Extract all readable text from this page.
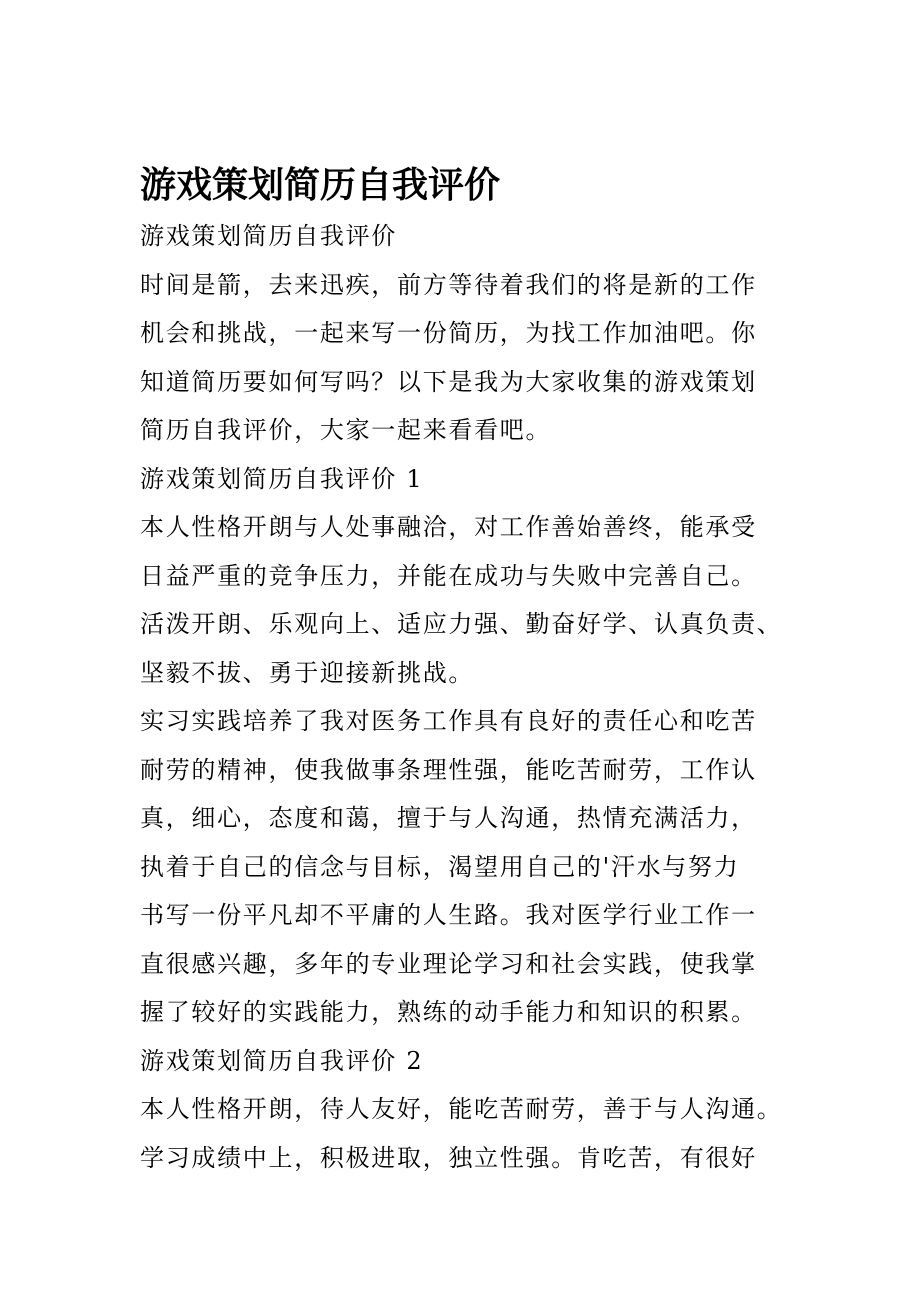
游戏策划简历自我评价
游戏策划简历自我评价
时间是箭，去来迅疾，前方等待着我们的将是新的工作
机会和挑战，一起来写一份简历，为找工作加油吧。你
知道简历要如何写吗？以下是我为大家收集的游戏策划
简历自我评价，大家一起来看看吧。
游戏策划简历自我评价 1
本人性格开朗与人处事融洽，对工作善始善终，能承受
日益严重的竞争压力，并能在成功与失败中完善自己。
活泼开朗、乐观向上、适应力强、勤奋好学、认真负责、
坚毅不拔、勇于迎接新挑战。
实习实践培养了我对医务工作具有良好的责任心和吃苦
耐劳的精神，使我做事条理性强，能吃苦耐劳，工作认
真，细心，态度和蔼，擅于与人沟通，热情充满活力，
执着于自己的信念与目标，渴望用自己的'汗水与努力
书写一份平凡却不平庸的人生路。我对医学行业工作一
直很感兴趣，多年的专业理论学习和社会实践，使我掌
握了较好的实践能力，熟练的动手能力和知识的积累。
游戏策划简历自我评价 2
本人性格开朗，待人友好，能吃苦耐劳，善于与人沟通。
学习成绩中上，积极进取，独立性强。肯吃苦，有很好
